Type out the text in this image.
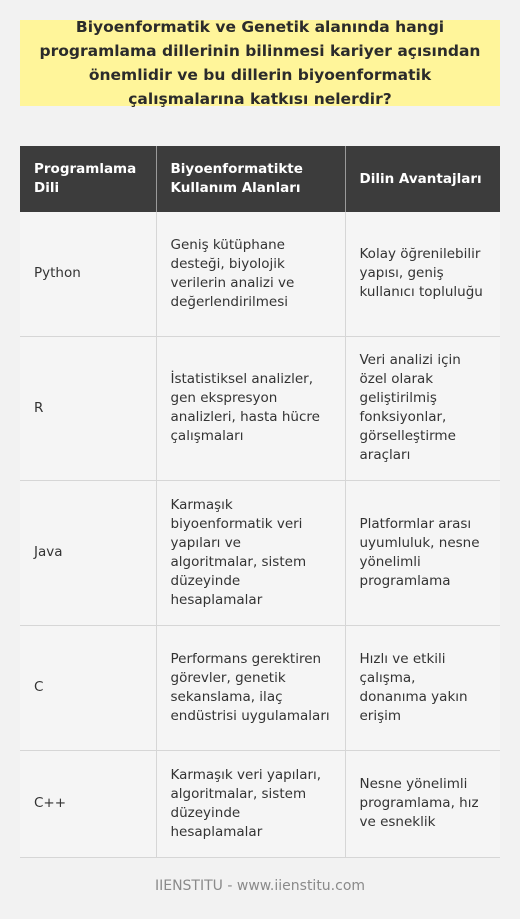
Biyoenformatik ve Genetik alanında hangi programlama dillerinin bilinmesi kariyer açısından önemlidir ve bu dillerin biyoenformatik çalışmalarına katkısı nelerdir?

Programlama Dili	Biyoenformatikte Kullanım Alanları	Dilin Avantajları
Python	Geniş kütüphane desteği, biyolojik verilerin analizi ve değerlendirilmesi	Kolay öğrenilebilir yapısı, geniş kullanıcı topluluğu
R	İstatistiksel analizler, gen ekspresyon analizleri, hasta hücre çalışmaları	Veri analizi için özel olarak geliştirilmiş fonksiyonlar, görselleştirme araçları
Java	Karmaşık biyoenformatik veri yapıları ve algoritmalar, sistem düzeyinde hesaplamalar	Platformlar arası uyumluluk, nesne yönelimli programlama
C	Performans gerektiren görevler, genetik sekanslama, ilaç endüstrisi uygulamaları	Hızlı ve etkili çalışma, donanıma yakın erişim
C++	Karmaşık veri yapıları, algoritmalar, sistem düzeyinde hesaplamalar	Nesne yönelimli programlama, hız ve esneklik
IIENSTITU - www.iienstitu.com
